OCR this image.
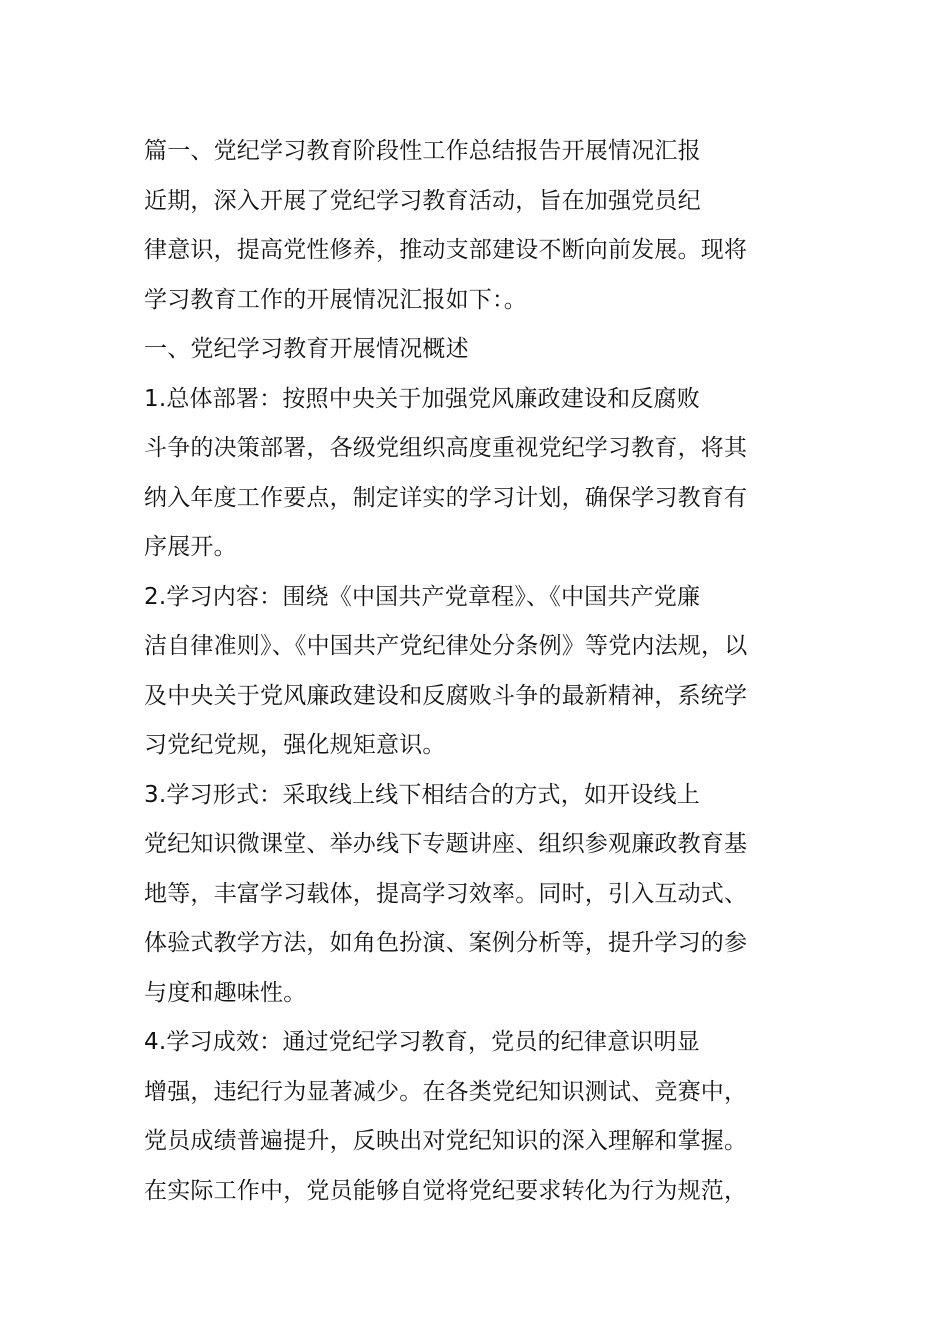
篇一、党纪学习教育阶段性工作总结报告开展情况汇报
近期，深入开展了党纪学习教育活动，旨在加强党员纪
律意识，提高党性修养，推动支部建设不断向前发展。现将
学习教育工作的开展情况汇报如下：。
一、党纪学习教育开展情况概述
1.总体部署：按照中央关于加强党风廉政建设和反腐败
斗争的决策部署，各级党组织高度重视党纪学习教育，将其
纳入年度工作要点，制定详实的学习计划，确保学习教育有
序展开。
2.学习内容：围绕《中国共产党章程》、《中国共产党廉
洁自律准则》、《中国共产党纪律处分条例》等党内法规，以
及中央关于党风廉政建设和反腐败斗争的最新精神，系统学
习党纪党规，强化规矩意识。
3.学习形式：采取线上线下相结合的方式，如开设线上
党纪知识微课堂、举办线下专题讲座、组织参观廉政教育基
地等，丰富学习载体，提高学习效率。同时，引入互动式、
体验式教学方法，如角色扮演、案例分析等，提升学习的参
与度和趣味性。
4.学习成效：通过党纪学习教育，党员的纪律意识明显
增强，违纪行为显著减少。在各类党纪知识测试、竞赛中，
党员成绩普遍提升，反映出对党纪知识的深入理解和掌握。
在实际工作中，党员能够自觉将党纪要求转化为行为规范，
